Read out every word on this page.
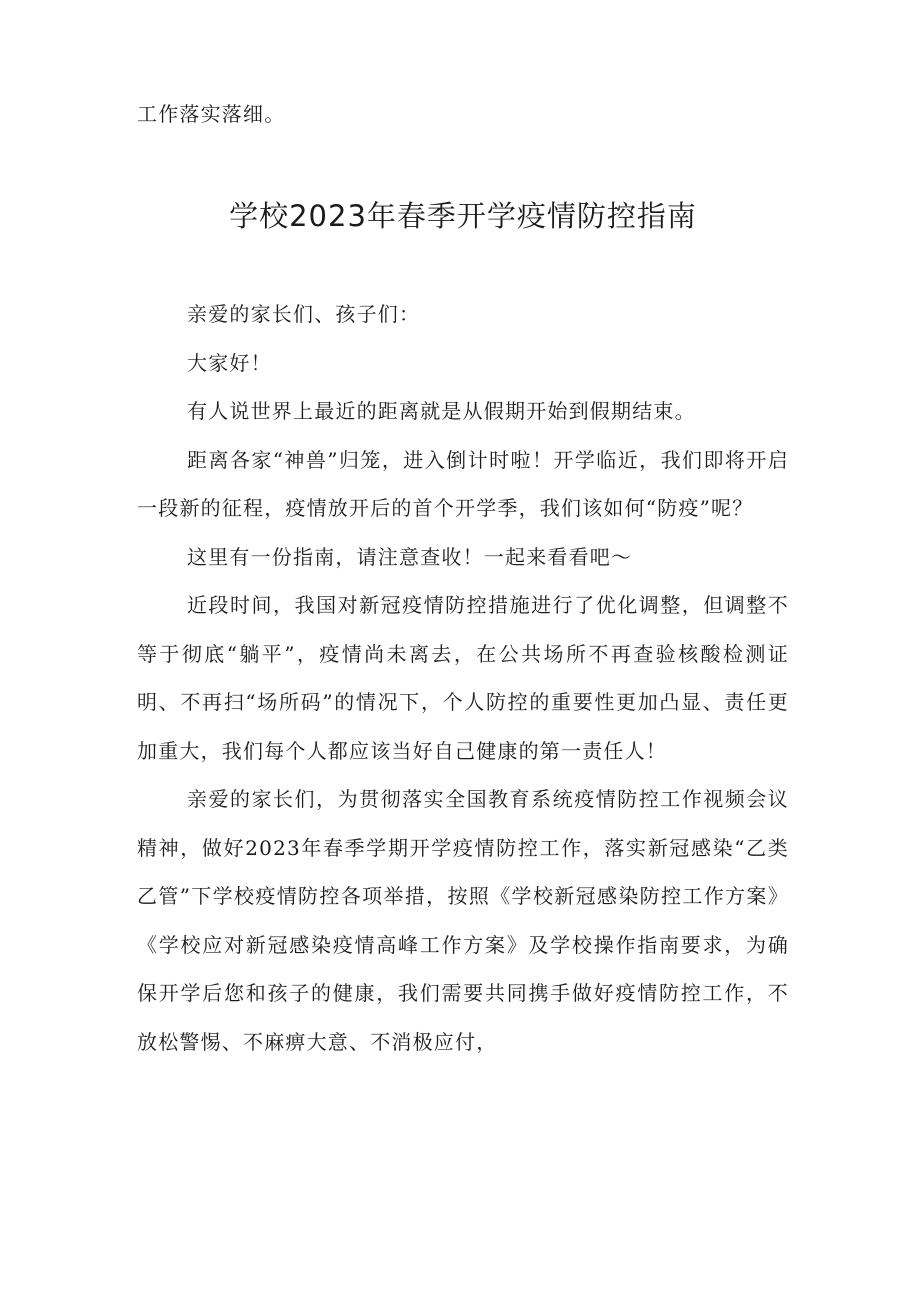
工作落实落细。

学校2023年春季开学疫情防控指南

亲爱的家长们、孩子们：

大家好！

有人说世界上最近的距离就是从假期开始到假期结束。

距离各家“神兽”归笼，进入倒计时啦！开学临近，我们即将开启一段新的征程，疫情放开后的首个开学季，我们该如何“防疫”呢？

这里有一份指南，请注意查收！一起来看看吧～

近段时间，我国对新冠疫情防控措施进行了优化调整，但调整不等于彻底“躺平”，疫情尚未离去，在公共场所不再查验核酸检测证明、不再扫“场所码”的情况下，个人防控的重要性更加凸显、责任更加重大，我们每个人都应该当好自己健康的第一责任人！

亲爱的家长们，为贯彻落实全国教育系统疫情防控工作视频会议精神，做好2023年春季学期开学疫情防控工作，落实新冠感染“乙类乙管”下学校疫情防控各项举措，按照《学校新冠感染防控工作方案》《学校应对新冠感染疫情高峰工作方案》及学校操作指南要求，为确保开学后您和孩子的健康，我们需要共同携手做好疫情防控工作，不放松警惕、不麻痹大意、不消极应付，
